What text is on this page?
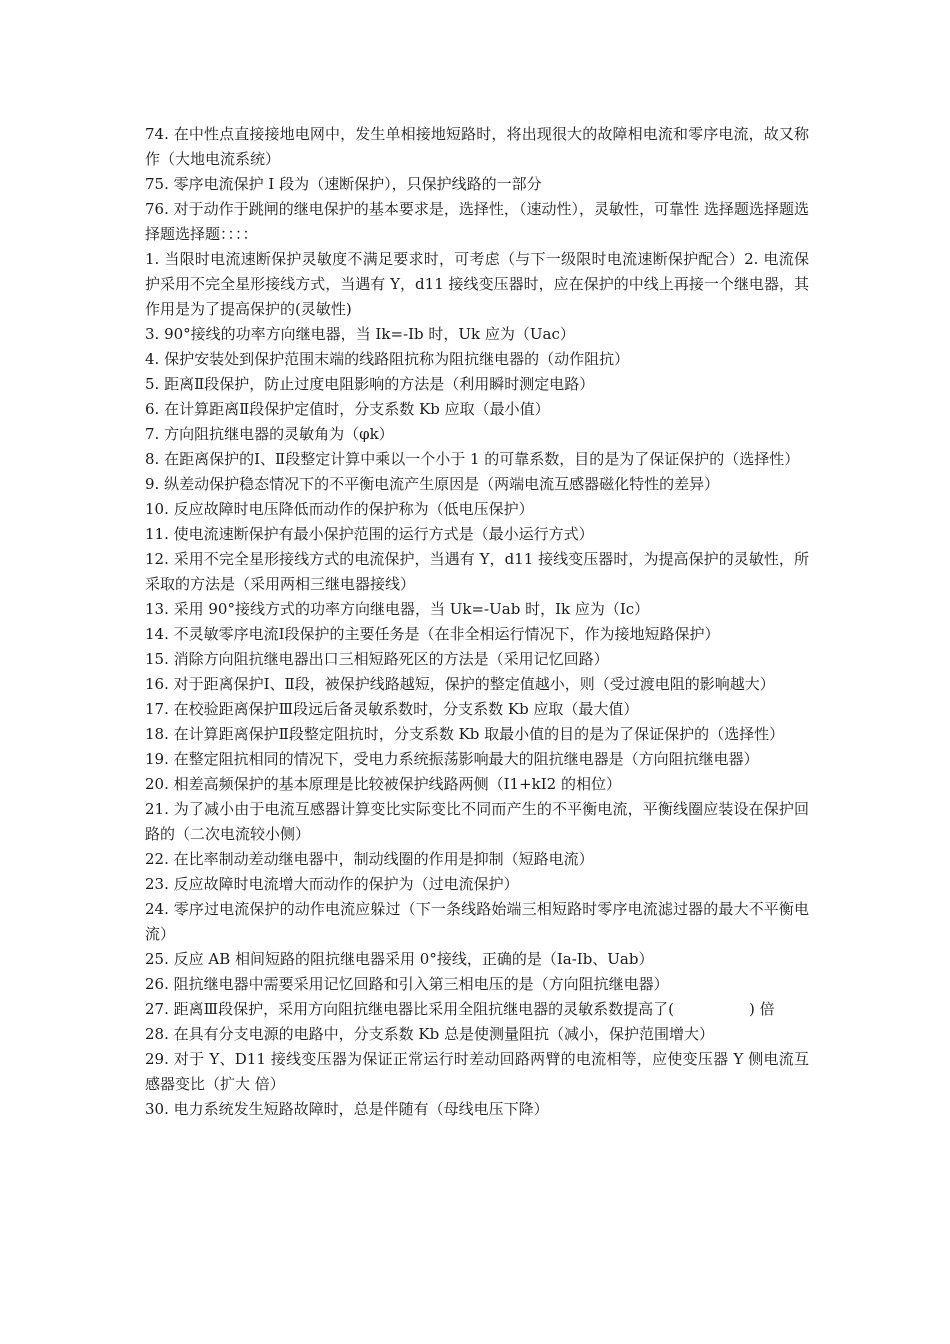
74. 在中性点直接接地电网中，发生单相接地短路时，将出现很大的故障相电流和零序电流，故又称作（大地电流系统）

75. 零序电流保护 I 段为（速断保护），只保护线路的一部分

76. 对于动作于跳闸的继电保护的基本要求是，选择性，（速动性），灵敏性，可靠性 选择题选择题选择题选择题：：：：

1. 当限时电流速断保护灵敏度不满足要求时，可考虑（与下一级限时电流速断保护配合）2. 电流保护采用不完全星形接线方式，当遇有 Y，d11 接线变压器时，应在保护的中线上再接一个继电器，其作用是为了提高保护的(灵敏性)

3. 90°接线的功率方向继电器，当 Ik=-Ib 时，Uk 应为（Uac）

4. 保护安装处到保护范围末端的线路阻抗称为阻抗继电器的（动作阻抗）

5. 距离Ⅱ段保护，防止过度电阻影响的方法是（利用瞬时测定电路）

6. 在计算距离Ⅱ段保护定值时，分支系数 Kb 应取（最小值）

7. 方向阻抗继电器的灵敏角为（φk）

8. 在距离保护的Ⅰ、Ⅱ段整定计算中乘以一个小于 1 的可靠系数，目的是为了保证保护的（选择性）

9. 纵差动保护稳态情况下的不平衡电流产生原因是（两端电流互感器磁化特性的差异）

10. 反应故障时电压降低而动作的保护称为（低电压保护）

11. 使电流速断保护有最小保护范围的运行方式是（最小运行方式）

12. 采用不完全星形接线方式的电流保护，当遇有 Y，d11 接线变压器时，为提高保护的灵敏性，所采取的方法是（采用两相三继电器接线）

13. 采用 90°接线方式的功率方向继电器，当 Uk=-Uab 时，Ik 应为（Ic）

14. 不灵敏零序电流Ⅰ段保护的主要任务是（在非全相运行情况下，作为接地短路保护）

15. 消除方向阻抗继电器出口三相短路死区的方法是（采用记忆回路）

16. 对于距离保护Ⅰ、Ⅱ段，被保护线路越短，保护的整定值越小，则（受过渡电阻的影响越大）

17. 在校验距离保护Ⅲ段远后备灵敏系数时，分支系数 Kb 应取（最大值）

18. 在计算距离保护Ⅱ段整定阻抗时，分支系数 Kb 取最小值的目的是为了保证保护的（选择性）

19. 在整定阻抗相同的情况下，受电力系统振荡影响最大的阻抗继电器是（方向阻抗继电器）

20. 相差高频保护的基本原理是比较被保护线路两侧（I1+kI2 的相位）

21. 为了减小由于电流互感器计算变比实际变比不同而产生的不平衡电流，平衡线圈应装设在保护回路的（二次电流较小侧）

22. 在比率制动差动继电器中，制动线圈的作用是抑制（短路电流）

23. 反应故障时电流增大而动作的保护为（过电流保护）

24. 零序过电流保护的动作电流应躲过（下一条线路始端三相短路时零序电流滤过器的最大不平衡电流）

25. 反应 AB 相间短路的阻抗继电器采用 0°接线，正确的是（Ia-Ib、Uab）

26. 阻抗继电器中需要采用记忆回路和引入第三相电压的是（方向阻抗继电器）

27. 距离Ⅲ段保护，采用方向阻抗继电器比采用全阻抗继电器的灵敏系数提高了(　　　　　) 倍

28. 在具有分支电源的电路中，分支系数 Kb 总是使测量阻抗（减小，保护范围增大）

29. 对于 Y、D11 接线变压器为保证正常运行时差动回路两臂的电流相等，应使变压器 Y 侧电流互感器变比（扩大 倍）

30. 电力系统发生短路故障时，总是伴随有（母线电压下降）
